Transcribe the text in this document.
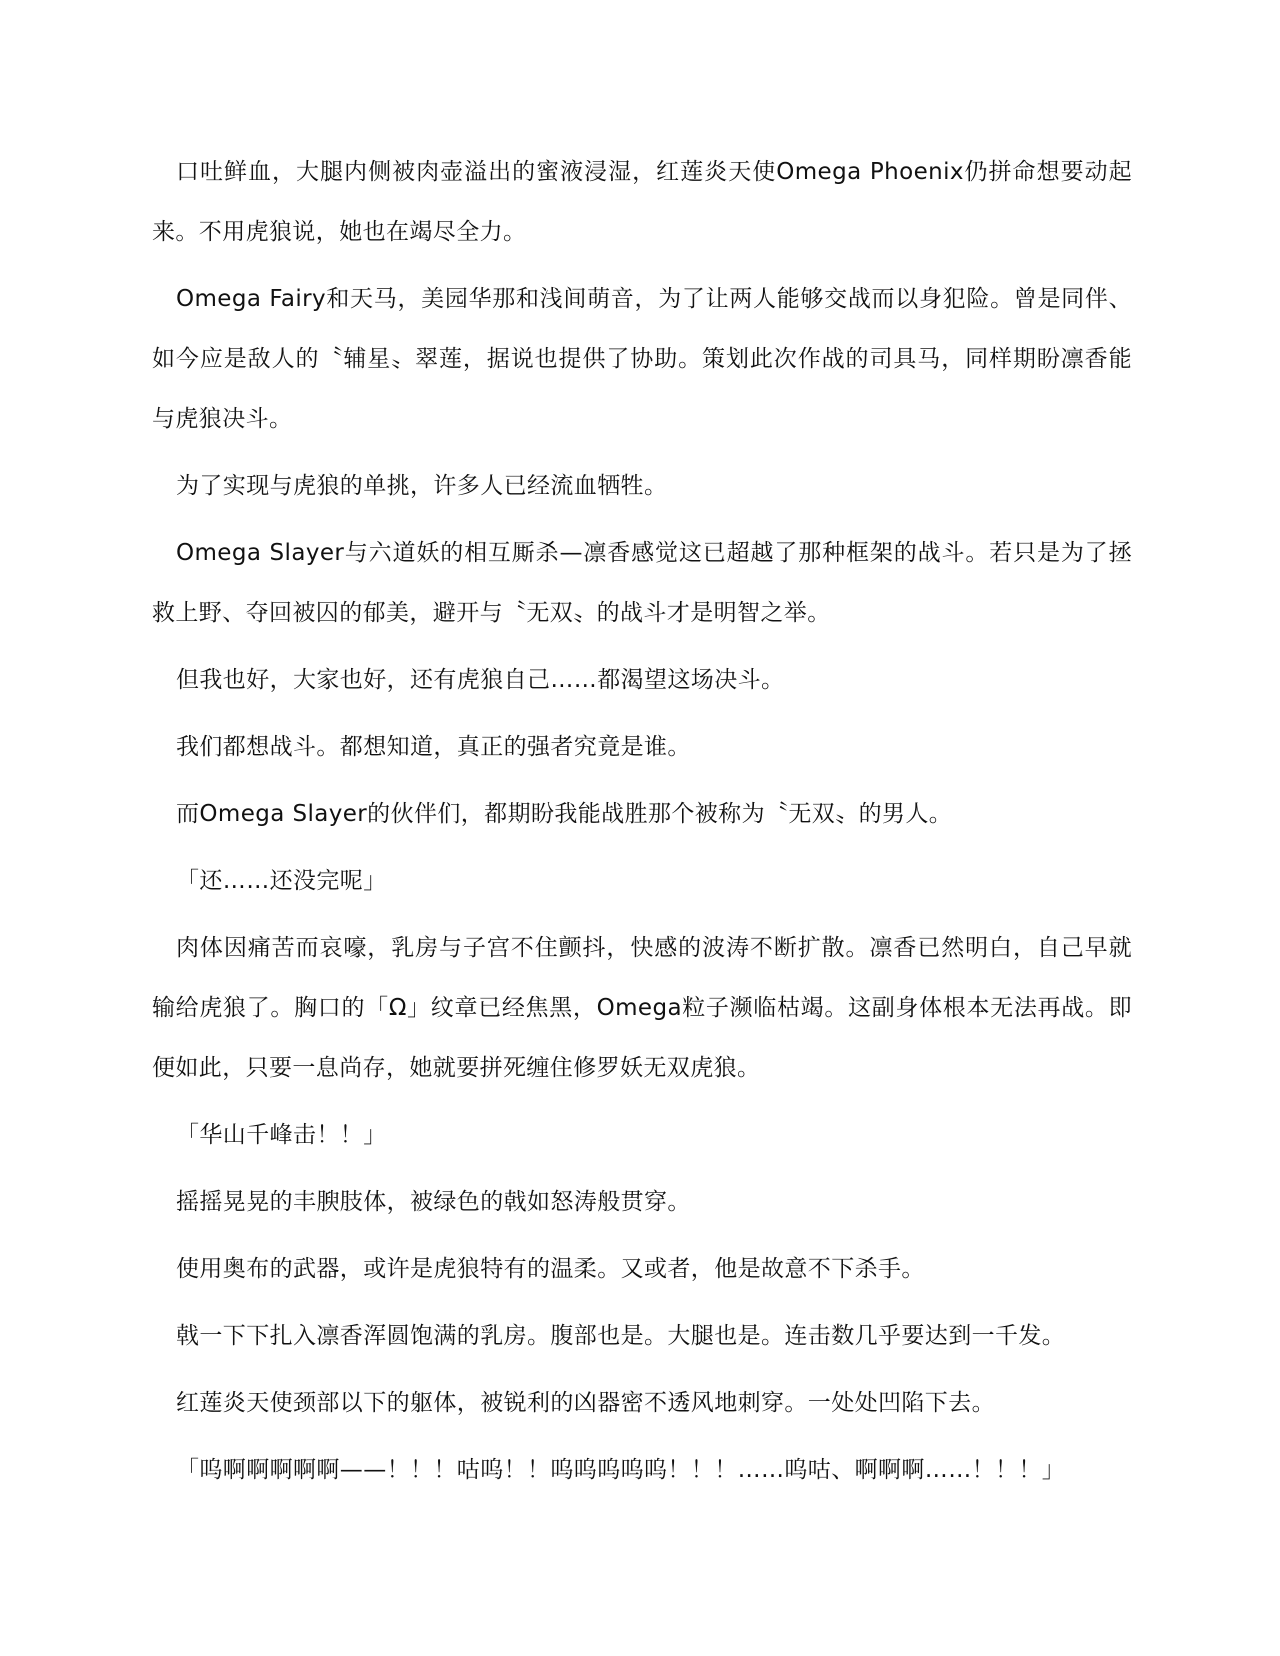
口吐鲜血，大腿内侧被肉壶溢出的蜜液浸湿，红莲炎天使Omega Phoenix仍拼命想要动起来。不用虎狼说，她也在竭尽全力。

Omega Fairy和天马，美园华那和浅间萌音，为了让两人能够交战而以身犯险。曾是同伴、如今应是敌人的〝辅星〟翠莲，据说也提供了协助。策划此次作战的司具马，同样期盼凛香能与虎狼决斗。

为了实现与虎狼的单挑，许多人已经流血牺牲。

Omega Slayer与六道妖的相互厮杀—凛香感觉这已超越了那种框架的战斗。若只是为了拯救上野、夺回被囚的郁美，避开与〝无双〟的战斗才是明智之举。

但我也好，大家也好，还有虎狼自己……都渴望这场决斗。

我们都想战斗。都想知道，真正的强者究竟是谁。

而Omega Slayer的伙伴们，都期盼我能战胜那个被称为〝无双〟的男人。

「还……还没完呢」

肉体因痛苦而哀嚎，乳房与子宫不住颤抖，快感的波涛不断扩散。凛香已然明白，自己早就输给虎狼了。胸口的「Ω」纹章已经焦黑，Omega粒子濒临枯竭。这副身体根本无法再战。即便如此，只要一息尚存，她就要拼死缠住修罗妖无双虎狼。

「华山千峰击！！」

摇摇晃晃的丰腴肢体，被绿色的戟如怒涛般贯穿。

使用奥布的武器，或许是虎狼特有的温柔。又或者，他是故意不下杀手。

戟一下下扎入凛香浑圆饱满的乳房。腹部也是。大腿也是。连击数几乎要达到一千发。

红莲炎天使颈部以下的躯体，被锐利的凶器密不透风地刺穿。一处处凹陷下去。

「呜啊啊啊啊啊——！！！咕呜！！呜呜呜呜呜！！！……呜咕、啊啊啊……！！！」
